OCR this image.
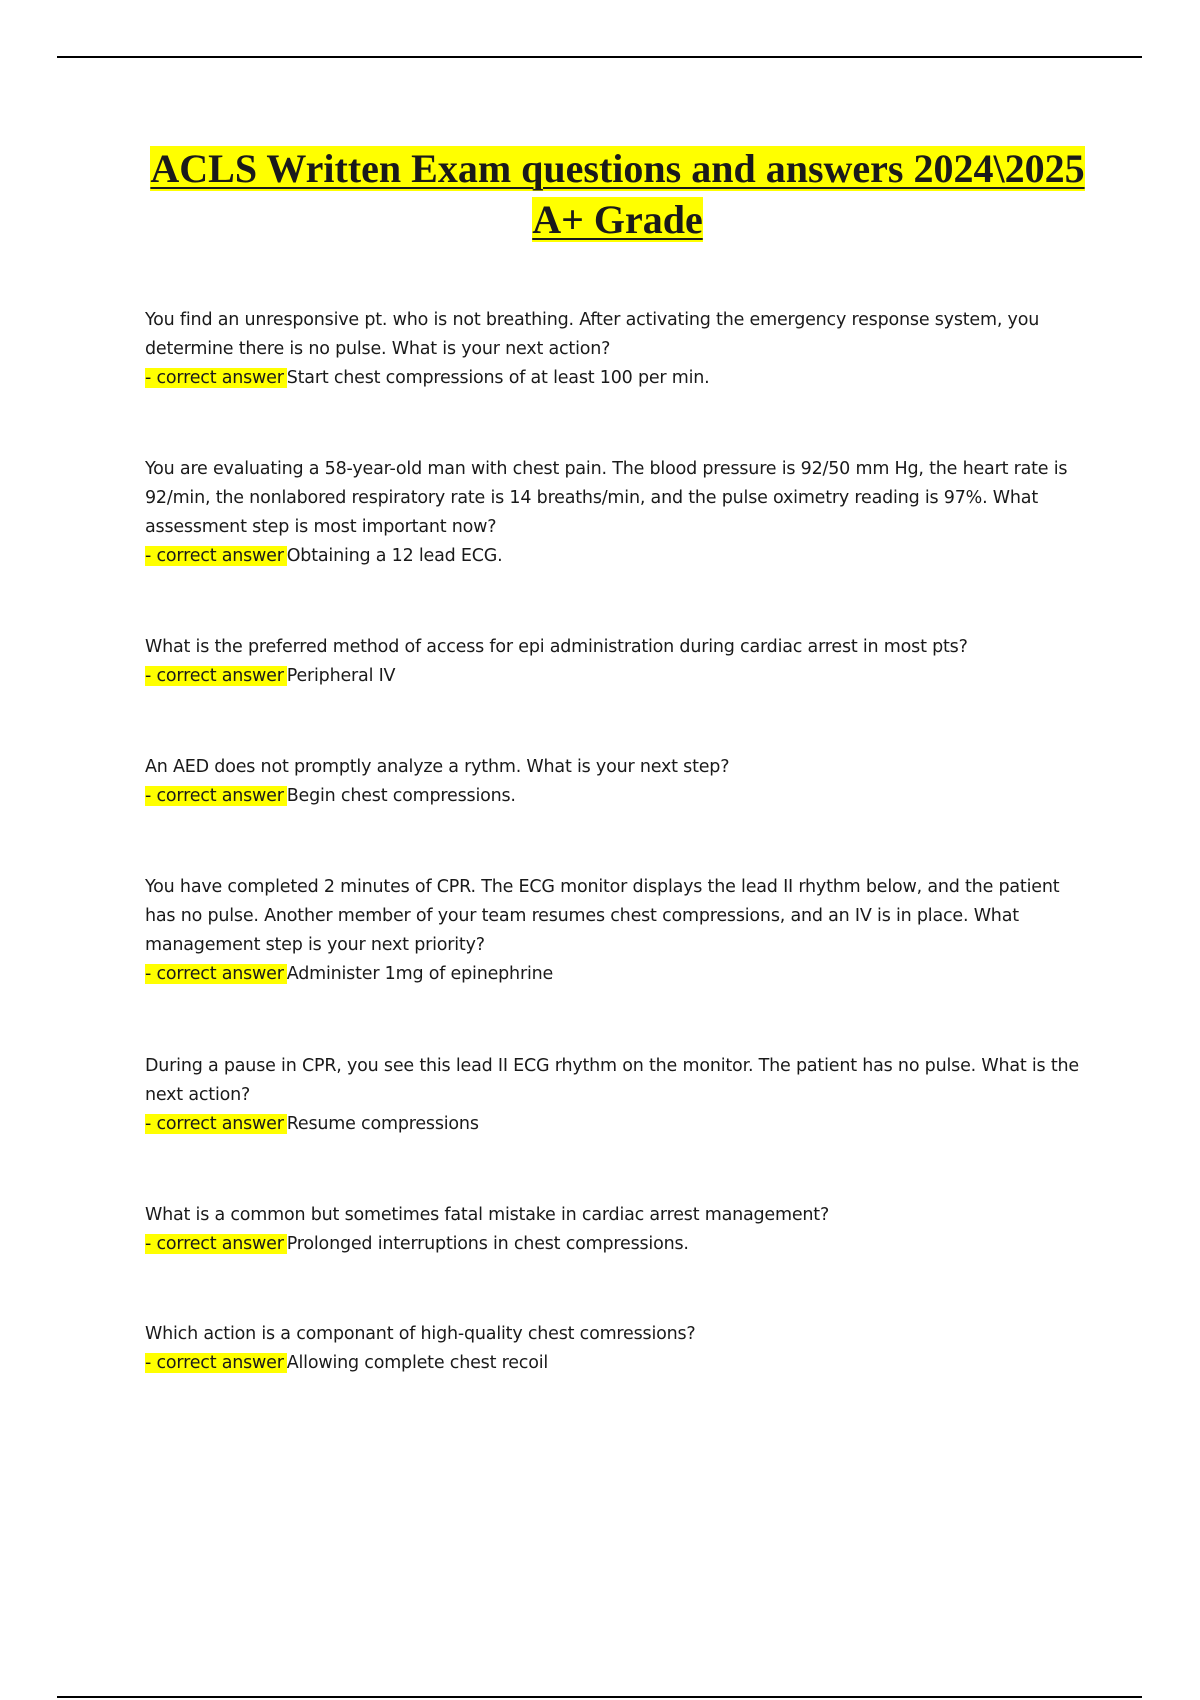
ACLS Written Exam questions and answers 2024\2025
A+ Grade
You find an unresponsive pt. who is not breathing. After activating the emergency response system, you determine there is no pulse. What is your next action?
- correct answer Start chest compressions of at least 100 per min.
You are evaluating a 58-year-old man with chest pain. The blood pressure is 92/50 mm Hg, the heart rate is 92/min, the nonlabored respiratory rate is 14 breaths/min, and the pulse oximetry reading is 97%. What assessment step is most important now?
- correct answer Obtaining a 12 lead ECG.
What is the preferred method of access for epi administration during cardiac arrest in most pts?
- correct answer Peripheral IV
An AED does not promptly analyze a rythm. What is your next step?
- correct answer Begin chest compressions.
You have completed 2 minutes of CPR. The ECG monitor displays the lead II rhythm below, and the patient has no pulse. Another member of your team resumes chest compressions, and an IV is in place. What management step is your next priority?
- correct answer Administer 1mg of epinephrine
During a pause in CPR, you see this lead II ECG rhythm on the monitor. The patient has no pulse. What is the next action?
- correct answer Resume compressions
What is a common but sometimes fatal mistake in cardiac arrest management?
- correct answer Prolonged interruptions in chest compressions.
Which action is a componant of high-quality chest comressions?
- correct answer Allowing complete chest recoil
